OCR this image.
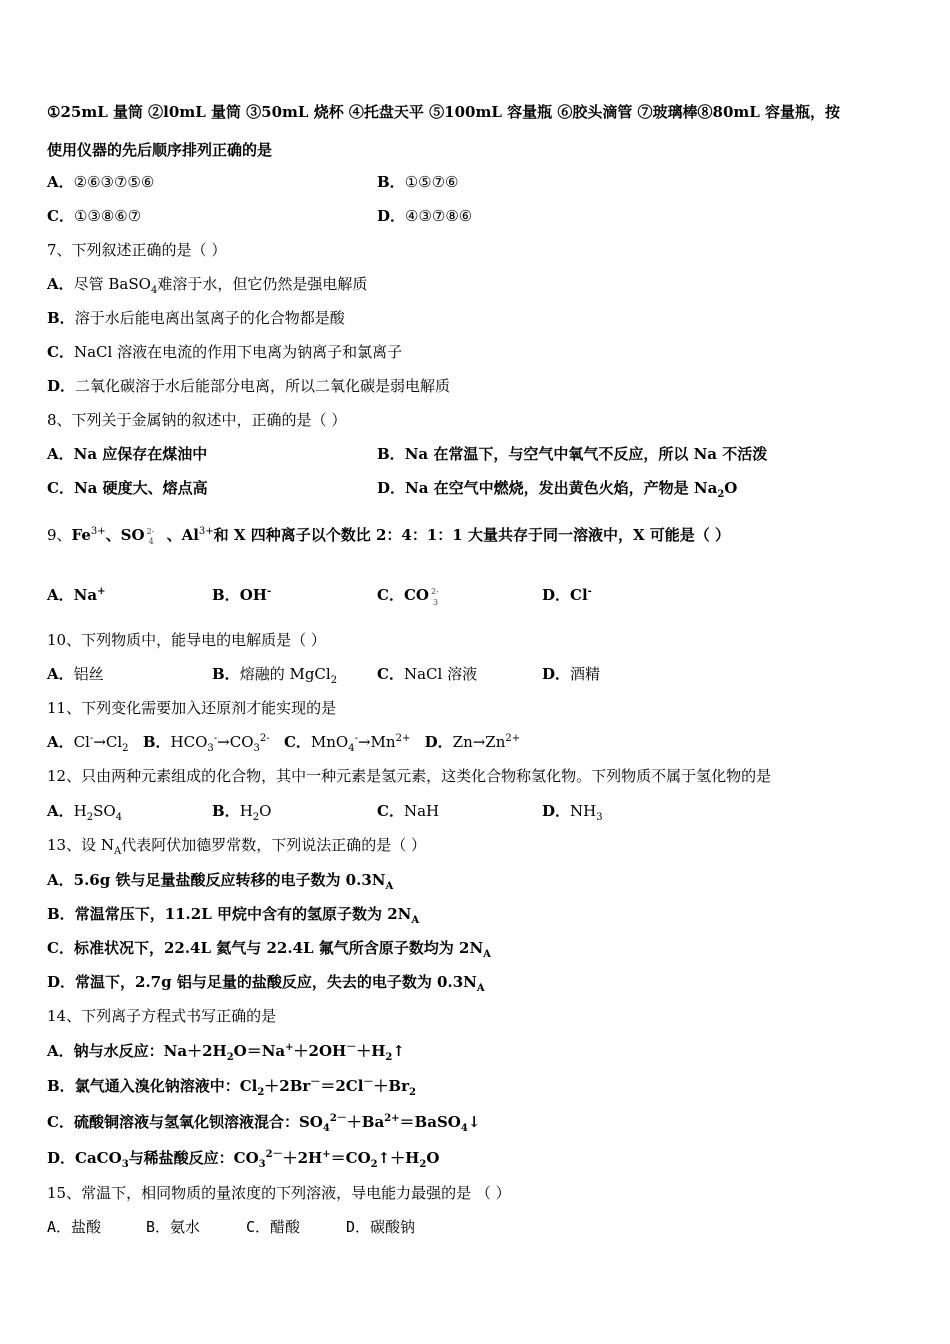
①25mL 量筒 ②l0mL 量筒 ③50mL 烧杯 ④托盘天平 ⑤100mL 容量瓶 ⑥胶头滴管 ⑦玻璃棒⑧80mL 容量瓶，按
使用仪器的先后顺序排列正确的是
A．②⑥③⑦⑤⑥	B．①⑤⑦⑥
C．①③⑧⑥⑦	D．④③⑦⑧⑥
7、下列叙述正确的是（ ）
A．尽管 BaSO$_4$难溶于水，但它仍然是强电解质
B．溶于水后能电离出氢离子的化合物都是酸
C．NaCl 溶液在电流的作用下电离为钠离子和氯离子
D．二氧化碳溶于水后能部分电离，所以二氧化碳是弱电解质
8、下列关于金属钠的叙述中，正确的是（ ）
A．Na 应保存在煤油中	B．Na 在常温下，与空气中氧气不反应，所以 Na 不活泼
C．Na 硬度大、熔点高	D．Na 在空气中燃烧，发出黄色火焰，产物是 $Na_2O$
9、$Fe^{3+}$、SO 2-
4 、$Al^{3+}$和 X 四种离子以个数比 2：4：1：1 大量共存于同一溶液中，X 可能是（ ）
A．Na+	B．OH-	C．CO 2-
3	D．Cl-
10、下列物质中，能导电的电解质是（ ）
A．铝丝	B．熔融的 MgCl$_2$	C．NaCl 溶液	D．酒精
11、下列变化需要加入还原剂才能实现的是
A．$Cl^-\to Cl_2$ B．$HCO_3^-\to CO_3^{2-}$ C．$MnO_4^-\to Mn^{2+}$ D．$Zn\to Zn^{2+}$
12、只由两种元素组成的化合物，其中一种元素是氢元素，这类化合物称氢化物。下列物质不属于氢化物的是
A．$H_2SO_4$	B．$H_2O$	C．NaH	D．$NH_3$
13、设 $N_A$代表阿伏加德罗常数，下列说法正确的是（ ）
A．5.6g 铁与足量盐酸反应转移的电子数为 $0.3N_A$
B．常温常压下，11.2L 甲烷中含有的氢原子数为 $2N_A$
C．标准状况下，22.4L 氦气与 22.4L 氟气所含原子数均为 $2N_A$
D．常温下，2.7g 铝与足量的盐酸反应，失去的电子数为 $0.3N_A$
14、下列离子方程式书写正确的是
A．钠与水反应：$Na+2H_2O=Na^++2OH^-+H_2↑$
B．氯气通入溴化钠溶液中：$Cl_2+2Br^-=2Cl^-+Br_2$
C．硫酸铜溶液与氢氧化钡溶液混合：$SO_4^{2-}+Ba^{2+}=BaSO_4↓$
D．CaCO$_3$与稀盐酸反应：$CO_3^{2-}+2H^+=CO_2↑+H_2O$
15、常温下，相同物质的量浓度的下列溶液，导电能力最强的是 （ ）
A．盐酸	B．氨水	C．醋酸	D．碳酸钠
